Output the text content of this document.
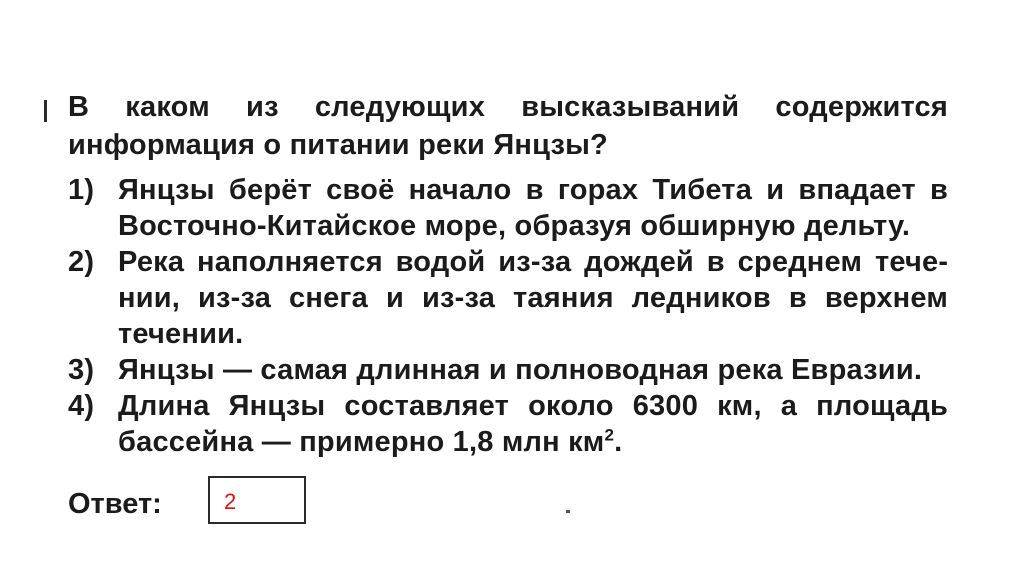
В каком из следующих высказываний содержится информация о питании реки Янцзы?
1) Янцзы берёт своё начало в горах Тибета и впадает в Восточно-Китайское море, образуя обширную дельту.
2) Река наполняется водой из-за дождей в среднем течении, из-за снега и из-за таяния ледников в верхнем течении.
3) Янцзы — самая длинная и полноводная река Евразии.
4) Длина Янцзы составляет около 6300 км, а площадь бассейна — примерно 1,8 млн $км^2$.
Ответ:	2
